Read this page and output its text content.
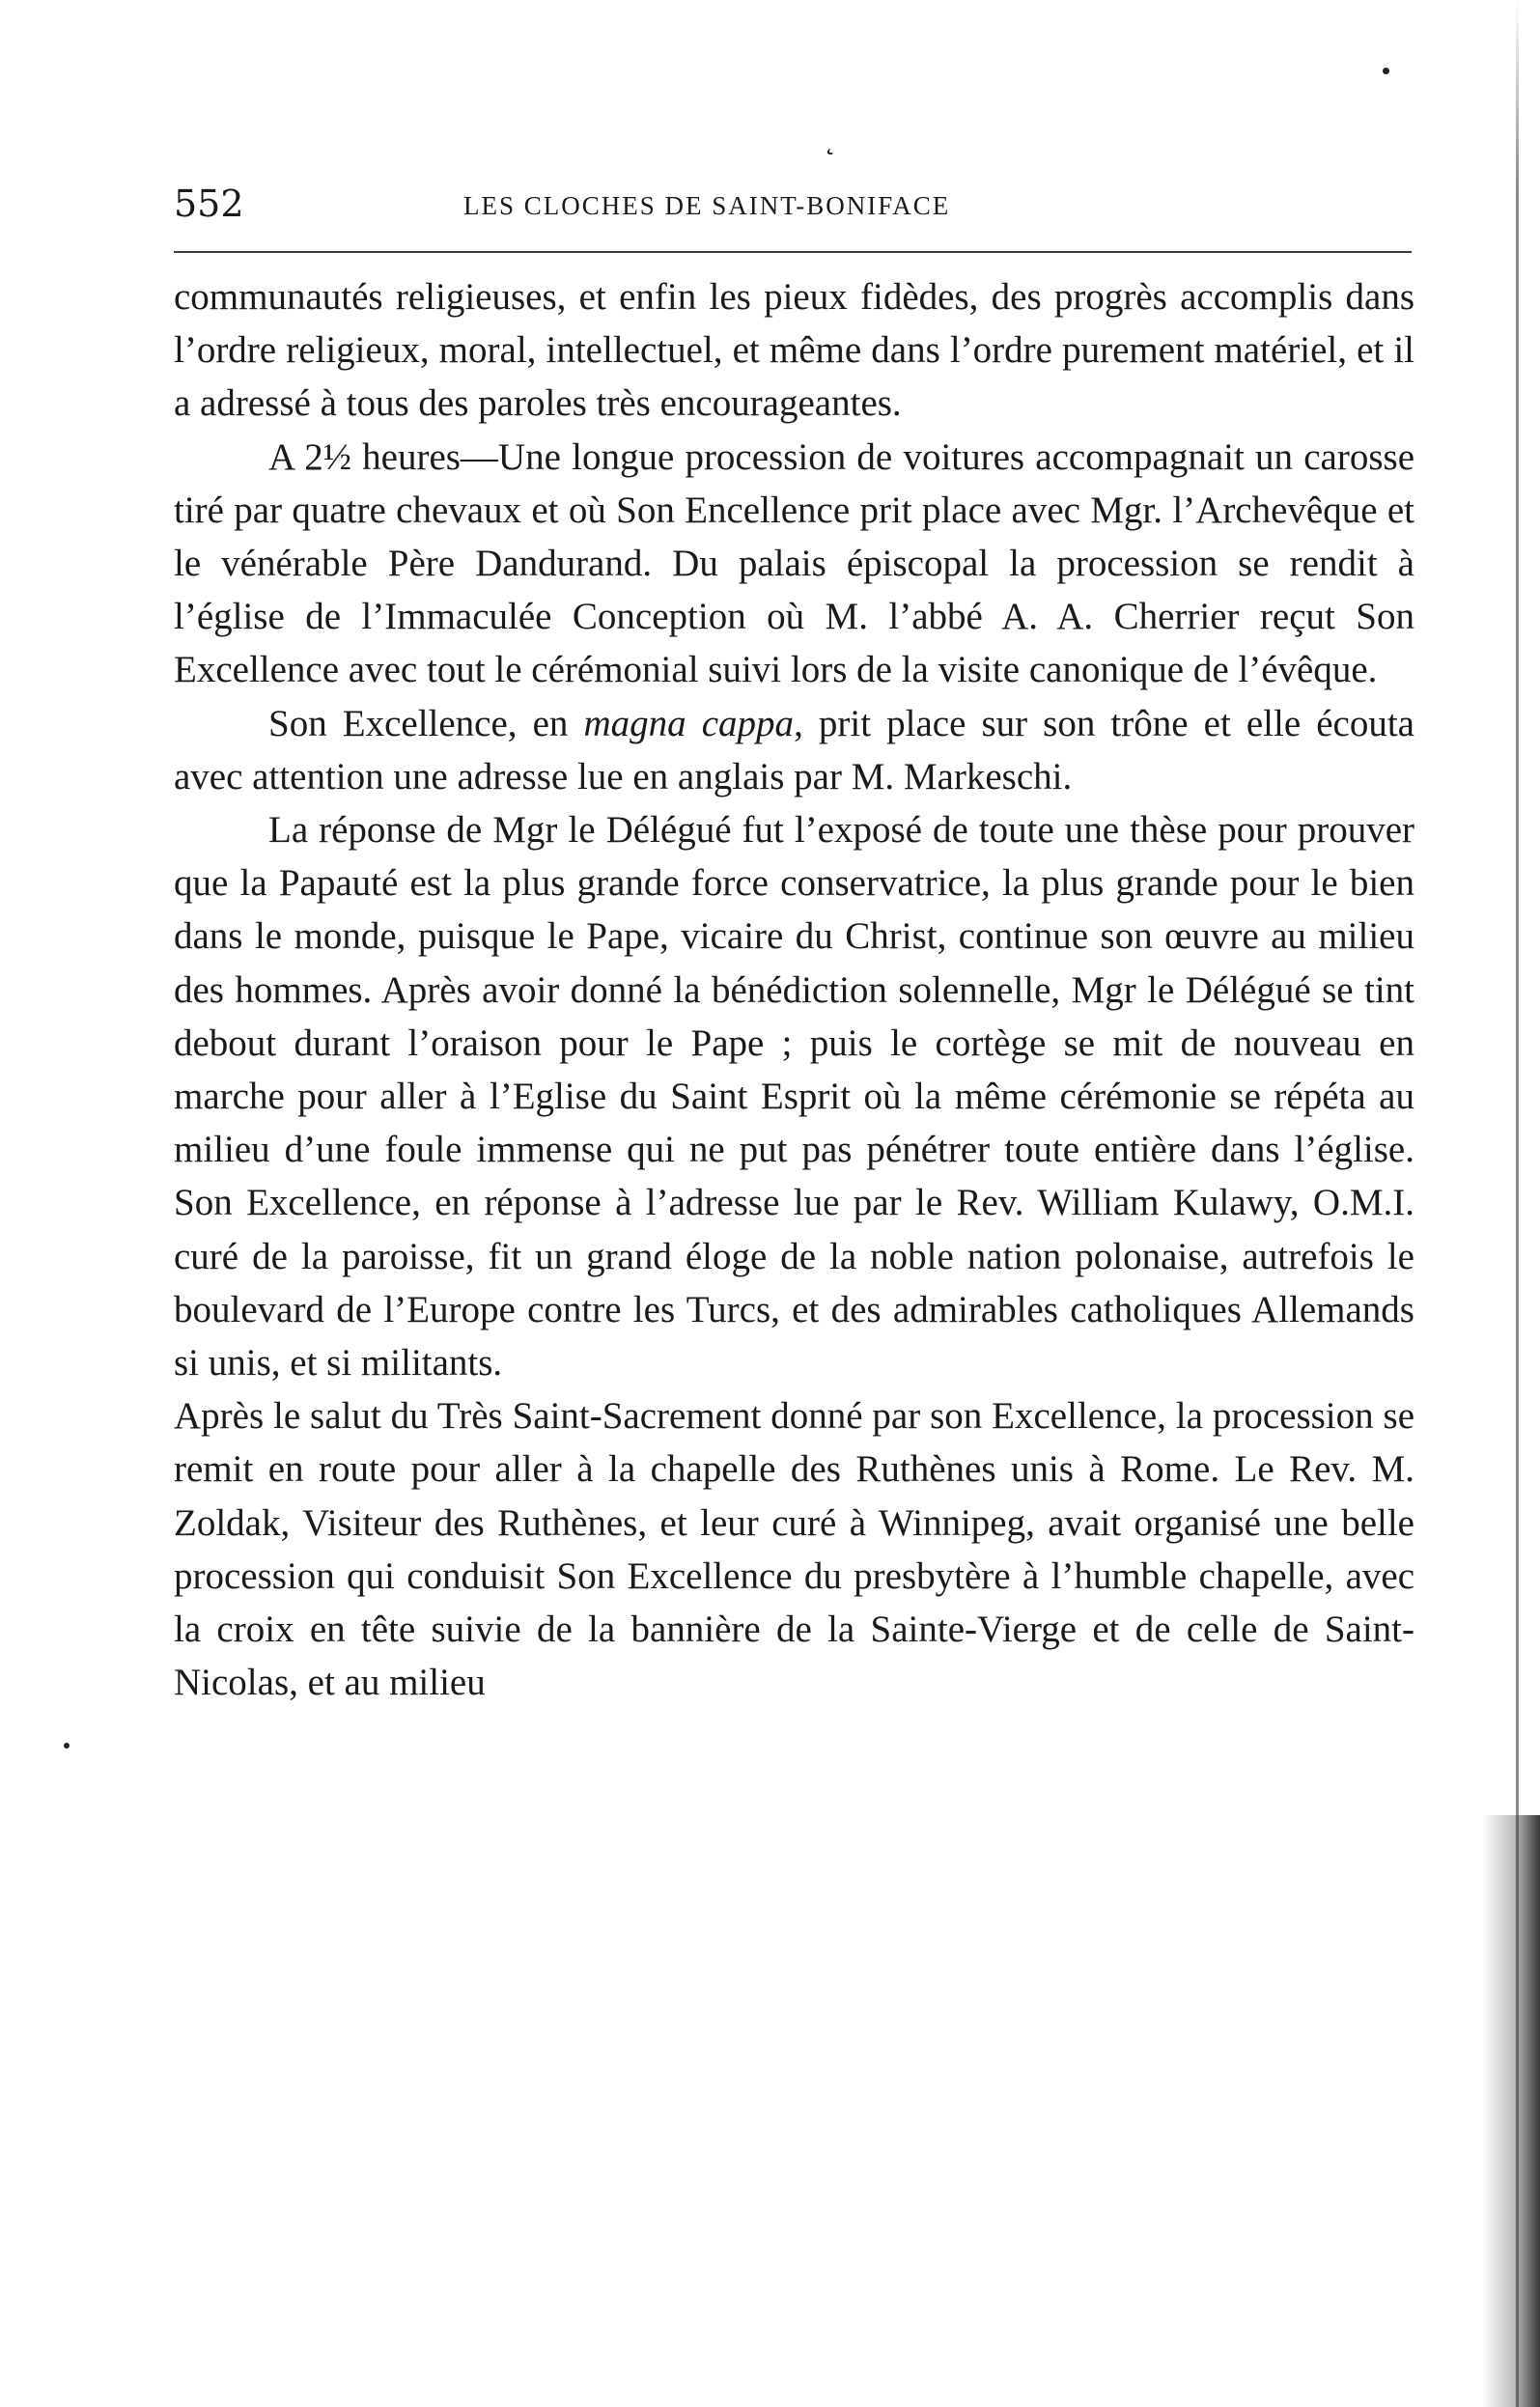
˛
552	LES CLOCHES DE SAINT-BONIFACE

communautés religieuses, et enfin les pieux fidèdes, des progrès accomplis dans l’ordre religieux, moral, intellectuel, et même dans l’ordre purement matériel, et il a adressé à tous des paroles très encourageantes.

A 2½ heures—Une longue procession de voitures accompagnait un carosse tiré par quatre chevaux et où Son Encellence prit place avec Mgr. l’Archevêque et le vénérable Père Dandurand. Du palais épiscopal la procession se rendit à l’église de l’Immaculée Conception où M. l’abbé A. A. Cherrier reçut Son Excellence avec tout le cérémonial suivi lors de la visite canonique de l’évêque.

Son Excellence, en magna cappa, prit place sur son trône et elle écouta avec attention une adresse lue en anglais par M. Markeschi.

La réponse de Mgr le Délégué fut l’exposé de toute une thèse pour prouver que la Papauté est la plus grande force conservatrice, la plus grande pour le bien dans le monde, puisque le Pape, vicaire du Christ, continue son œuvre au milieu des hommes. Après avoir donné la bénédiction solennelle, Mgr le Délégué se tint debout durant l’oraison pour le Pape ; puis le cortège se mit de nouveau en marche pour aller à l’Eglise du Saint Esprit où la même cérémonie se répéta au milieu d’une foule immense qui ne put pas pénétrer toute entière dans l’église. Son Excellence, en réponse à l’adresse lue par le Rev. William Kulawy, O.M.I. curé de la paroisse, fit un grand éloge de la noble nation polonaise, autrefois le boulevard de l’Europe contre les Turcs, et des admirables catholiques Allemands si unis, et si militants.

Après le salut du Très Saint-Sacrement donné par son Excellence, la procession se remit en route pour aller à la chapelle des Ruthènes unis à Rome. Le Rev. M. Zoldak, Visiteur des Ruthènes, et leur curé à Winnipeg, avait organisé une belle procession qui conduisit Son Excellence du presbytère à l’humble chapelle, avec la croix en tête suivie de la bannière de la Sainte-Vierge et de celle de Saint-Nicolas, et au milieu
